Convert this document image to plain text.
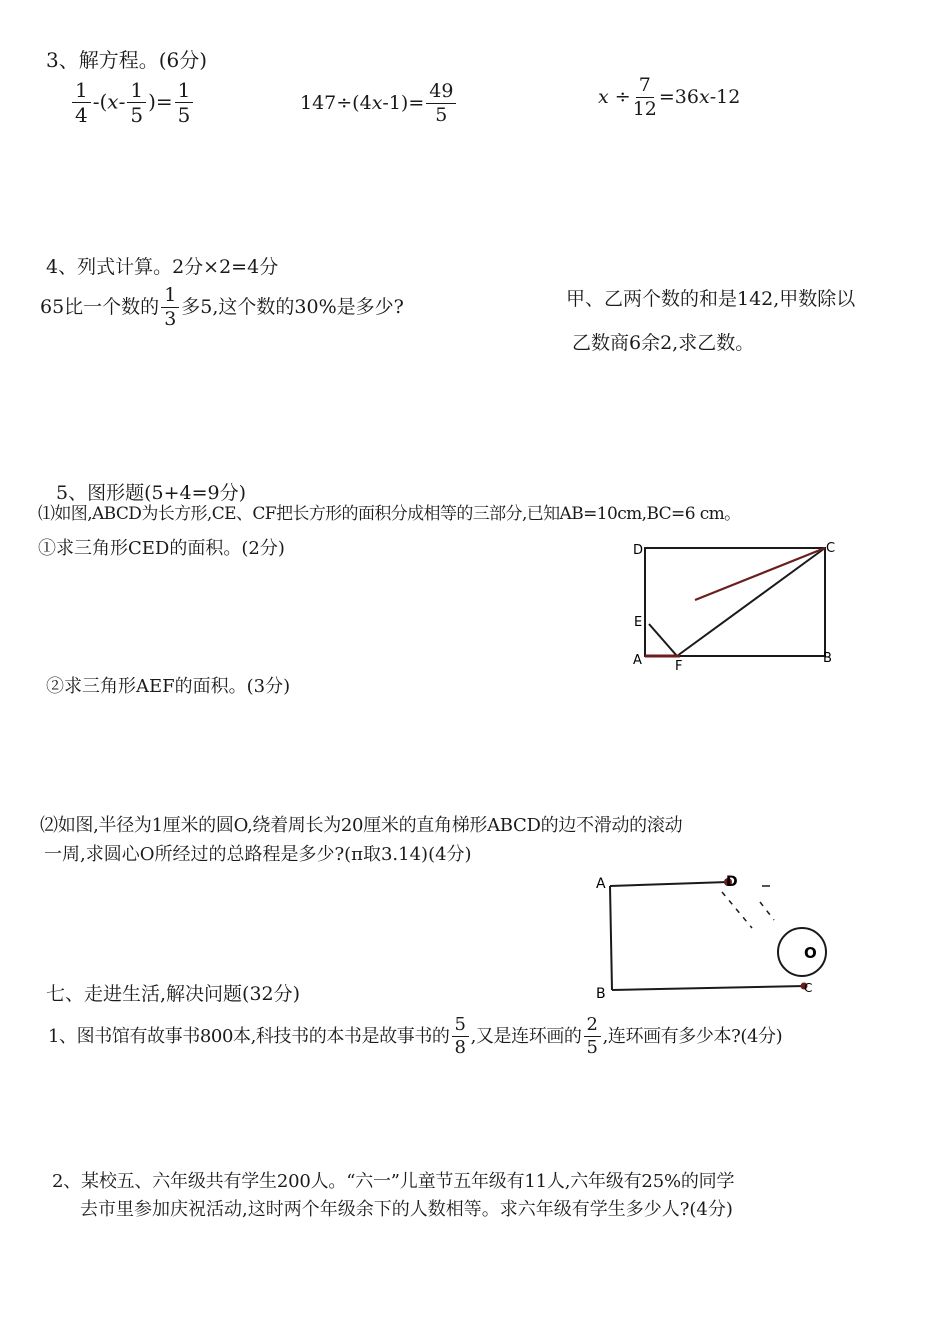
3、解方程。(6分)
$\frac{1}{4} -(x- \frac{1}{5}$ )= $\frac{1}{5}$	$147\div(4x-1)= \frac{49}{5}$	$x \div \frac{7}{12} =36x-12$
4、列式计算。2分×2=4分
65比一个数的 $\frac{1}{3}$ 多5,这个数的30%是多少?	甲、乙两个数的和是142,甲数除以
乙数商6余2,求乙数。
5、图形题(5+4=9分)
⑴如图,ABCD为长方形,CE、CF把长方形的面积分成相等的三部分,已知AB=10cm,BC=6 cm。
①求三角形CED的面积。(2分)	D	C
E
A	F
B
②求三角形AEF的面积。(3分)
⑵如图,半径为1厘米的圆O,绕着周长为20厘米的直角梯形ABCD的边不滑动的滚动
一周,求圆心O所经过的总路程是多少?(π取3.14)(4分)
A	D
B	C
O
七、走进生活,解决问题(32分)
1、图书馆有故事书800本,科技书的本书是故事书的 $\frac{5}{8}$ ,又是连环画的 $\frac{2}{5}$ ,连环画有多少本?(4分)
2、某校五、六年级共有学生200人。“六一”儿童节五年级有11人,六年级有25%的同学
去市里参加庆祝活动,这时两个年级余下的人数相等。求六年级有学生多少人?(4分)
